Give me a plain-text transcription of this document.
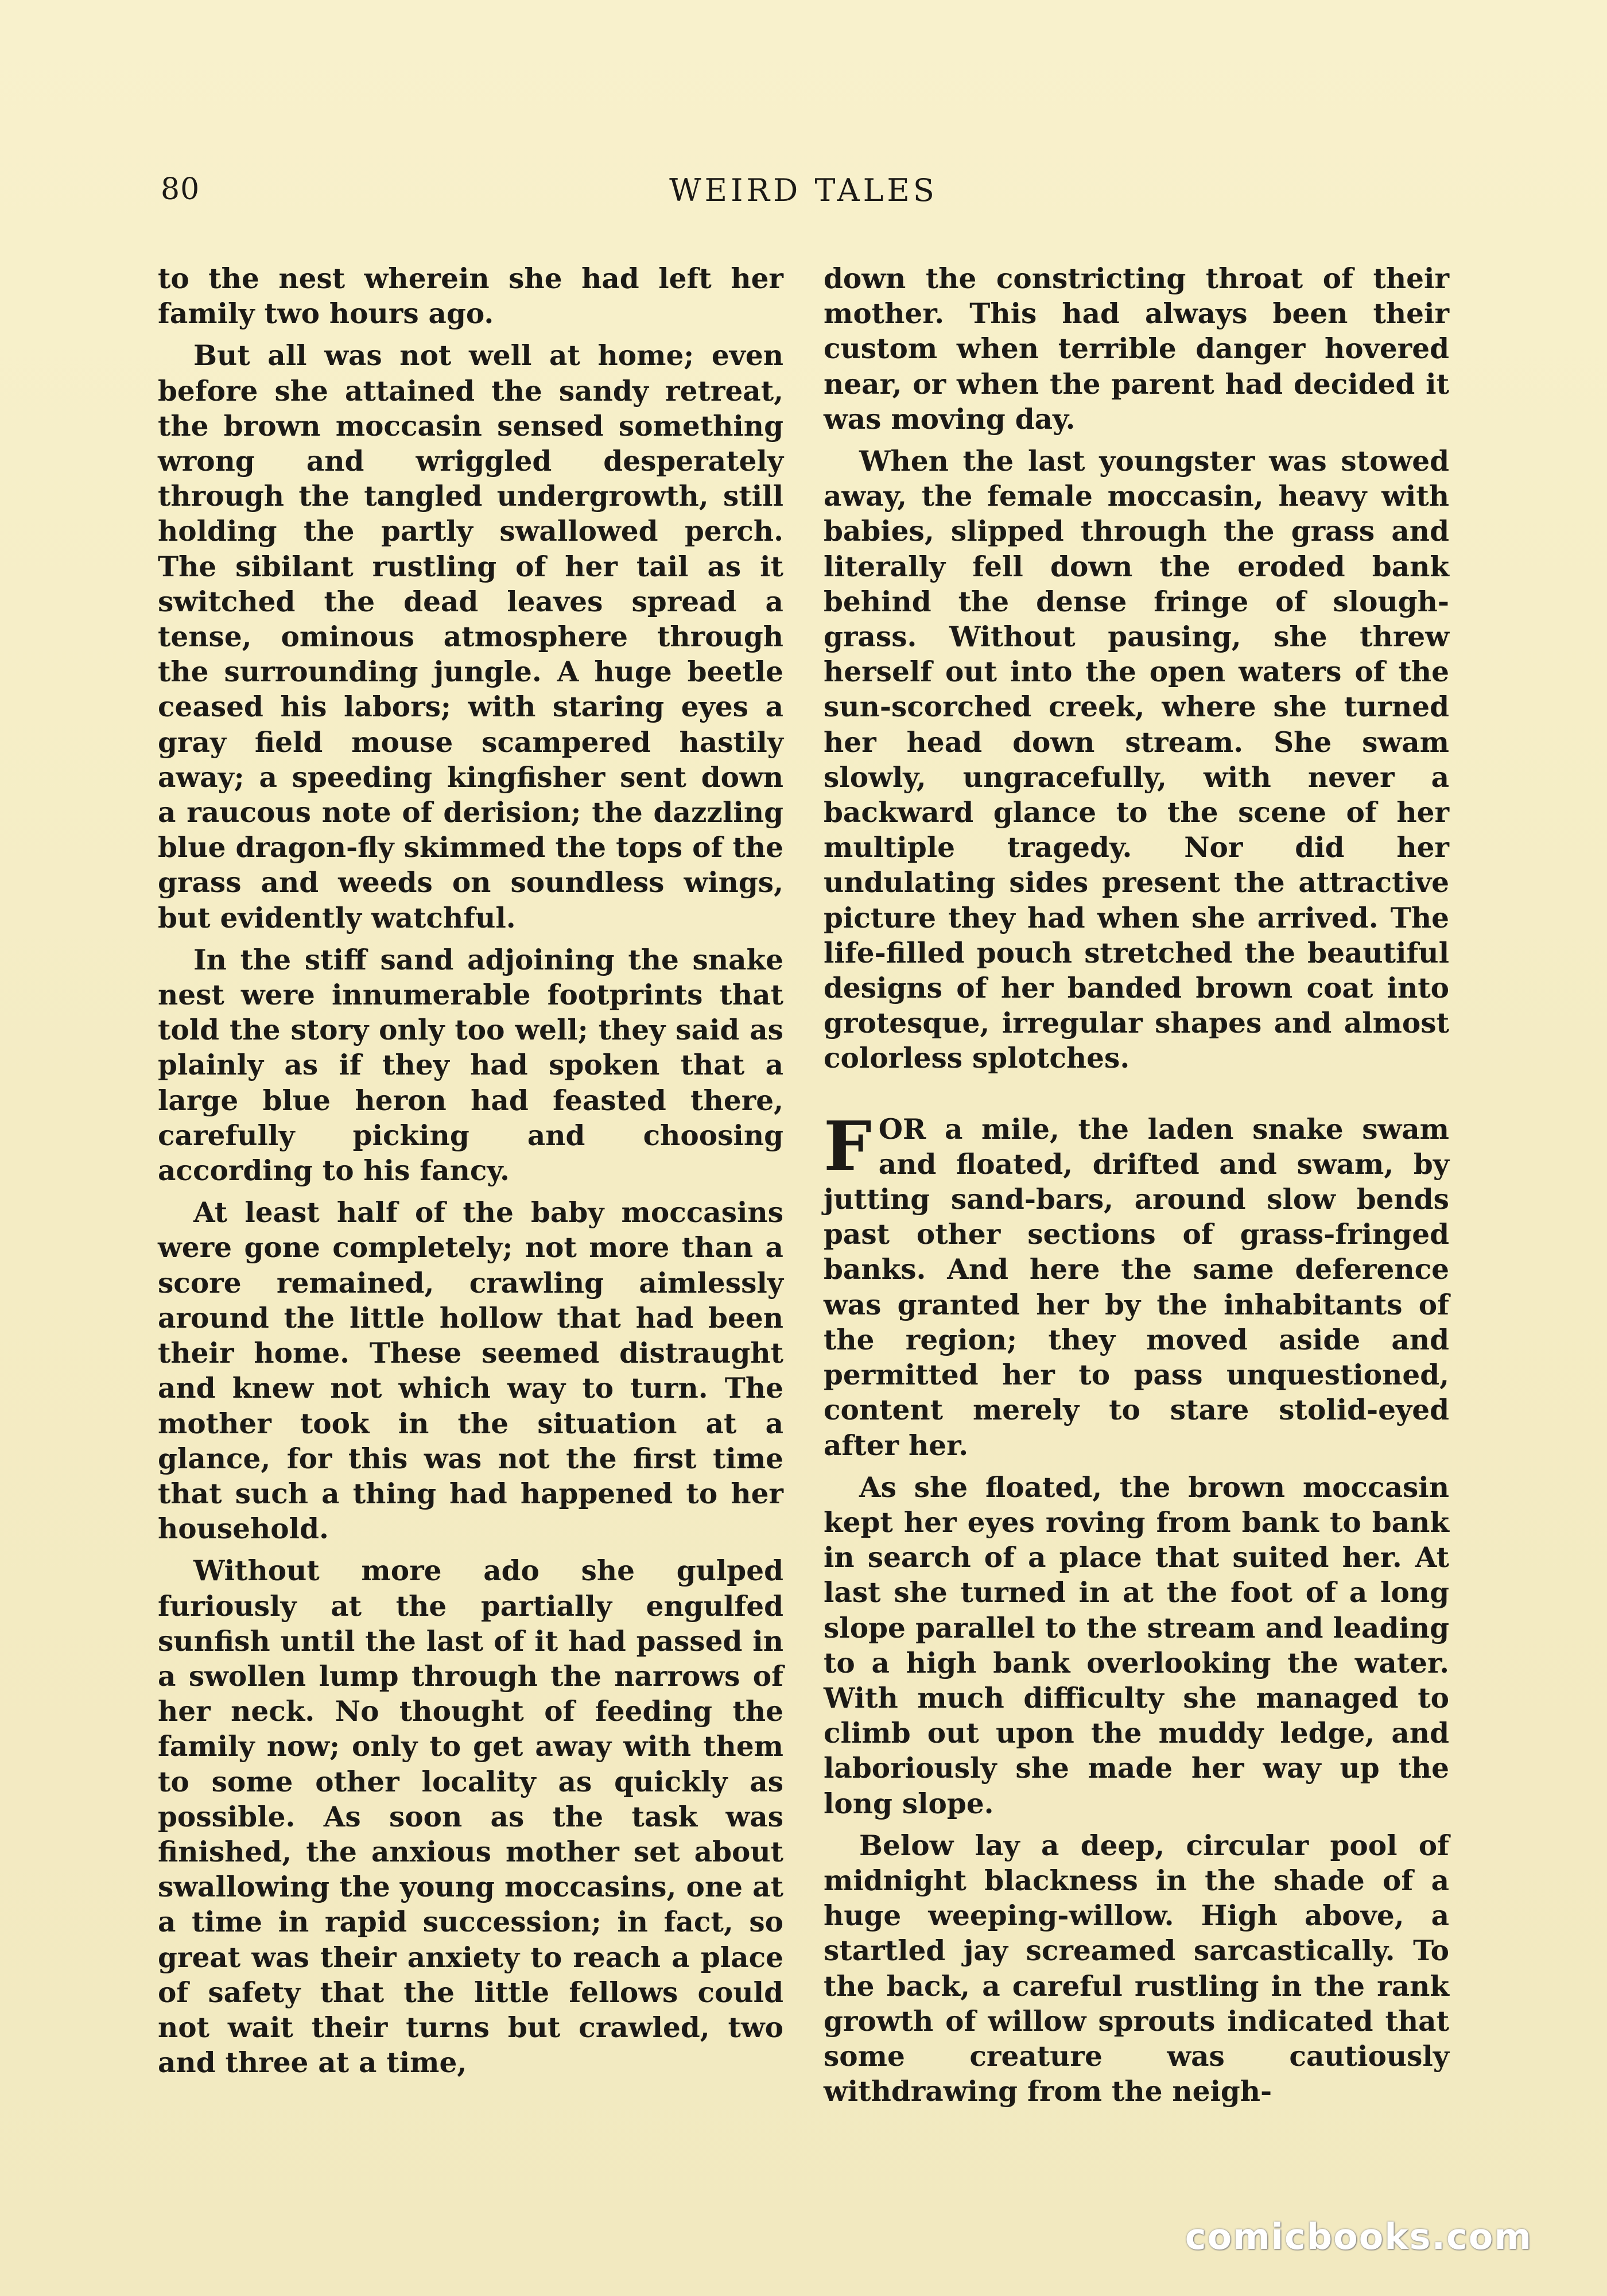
80	WEIRD TALES

to the nest wherein she had left her family two hours ago.

But all was not well at home; even before she attained the sandy retreat, the brown moccasin sensed something wrong and wriggled desperately through the tangled undergrowth, still holding the partly swallowed perch. The sibilant rustling of her tail as it switched the dead leaves spread a tense, ominous atmosphere through the surrounding jungle. A huge beetle ceased his labors; with staring eyes a gray field mouse scampered hastily away; a speeding kingfisher sent down a raucous note of derision; the dazzling blue dragon-fly skimmed the tops of the grass and weeds on soundless wings, but evidently watchful.

In the stiff sand adjoining the snake nest were innumerable footprints that told the story only too well; they said as plainly as if they had spoken that a large blue heron had feasted there, carefully picking and choosing according to his fancy.

At least half of the baby moccasins were gone completely; not more than a score remained, crawling aimlessly around the little hollow that had been their home. These seemed distraught and knew not which way to turn. The mother took in the situation at a glance, for this was not the first time that such a thing had happened to her household.

Without more ado she gulped furiously at the partially engulfed sunfish until the last of it had passed in a swollen lump through the narrows of her neck. No thought of feeding the family now; only to get away with them to some other locality as quickly as possible. As soon as the task was finished, the anxious mother set about swallowing the young moccasins, one at a time in rapid succession; in fact, so great was their anxiety to reach a place of safety that the little fellows could not wait their turns but crawled, two and three at a time,

down the constricting throat of their mother. This had always been their custom when terrible danger hovered near, or when the parent had decided it was moving day.

When the last youngster was stowed away, the female moccasin, heavy with babies, slipped through the grass and literally fell down the eroded bank behind the dense fringe of slough-grass. Without pausing, she threw herself out into the open waters of the sun-scorched creek, where she turned her head down stream. She swam slowly, ungracefully, with never a backward glance to the scene of her multiple tragedy. Nor did her undulating sides present the attractive picture they had when she arrived. The life-filled pouch stretched the beautiful designs of her banded brown coat into grotesque, irregular shapes and almost colorless splotches.

FOR a mile, the laden snake swam and floated, drifted and swam, by jutting sand-bars, around slow bends past other sections of grass-fringed banks. And here the same deference was granted her by the inhabitants of the region; they moved aside and permitted her to pass unquestioned, content merely to stare stolid-eyed after her.

As she floated, the brown moccasin kept her eyes roving from bank to bank in search of a place that suited her. At last she turned in at the foot of a long slope parallel to the stream and leading to a high bank overlooking the water. With much difficulty she managed to climb out upon the muddy ledge, and laboriously she made her way up the long slope.

Below lay a deep, circular pool of midnight blackness in the shade of a huge weeping-willow. High above, a startled jay screamed sarcastically. To the back, a careful rustling in the rank growth of willow sprouts indicated that some creature was cautiously withdrawing from the neigh-

comicbooks.com
